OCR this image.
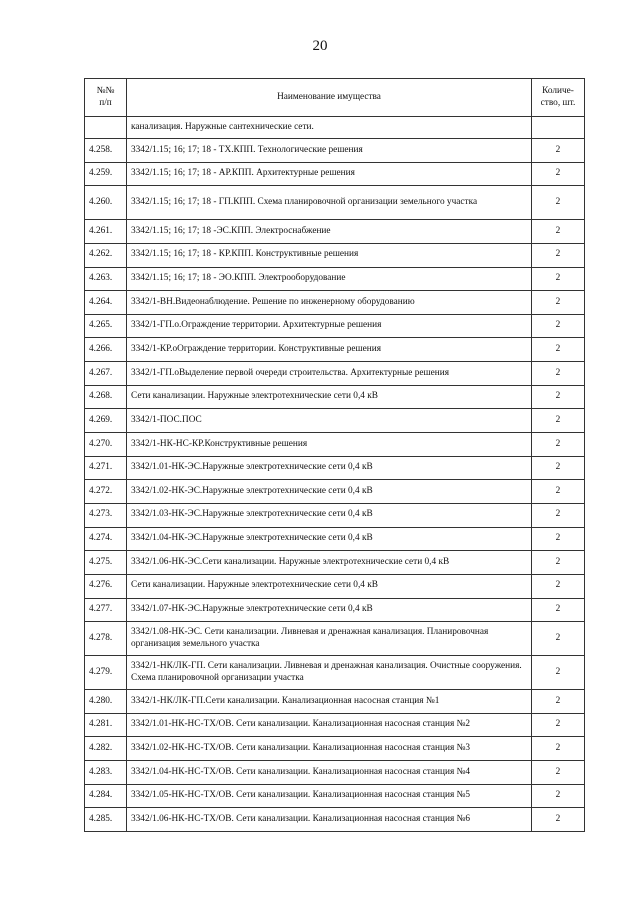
20
№№
п/п	Наименование имущества	Количе-
ство, шт.
	канализация. Наружные сантехнические сети.	
4.258.	3342/1.15; 16; 17; 18 - ТХ.КПП. Технологические решения	2
4.259.	3342/1.15; 16; 17; 18 - АР.КПП. Архитектурные решения	2
4.260.	3342/1.15; 16; 17; 18 - ГП.КПП. Схема планировочной организации земельного участка	2
4.261.	3342/1.15; 16; 17; 18 -ЭС.КПП. Электроснабжение	2
4.262.	3342/1.15; 16; 17; 18 - КР.КПП. Конструктивные решения	2
4.263.	3342/1.15; 16; 17; 18 - ЭО.КПП. Электрооборудование	2
4.264.	3342/1-ВН.Видеонаблюдение. Решение по инженерному оборудованию	2
4.265.	3342/1-ГП.о.Ограждение территории. Архитектурные решения	2
4.266.	3342/1-КР.оОграждение территории. Конструктивные решения	2
4.267.	3342/1-ГП.оВыделение первой очереди строительства. Архитектурные решения	2
4.268.	Сети канализации. Наружные электротехнические сети 0,4 кВ	2
4.269.	3342/1-ПОС.ПОС	2
4.270.	3342/1-НК-НС-КР.Конструктивные решения	2
4.271.	3342/1.01-НК-ЭС.Наружные электротехнические сети 0,4 кВ	2
4.272.	3342/1.02-НК-ЭС.Наружные электротехнические сети 0,4 кВ	2
4.273.	3342/1.03-НК-ЭС.Наружные электротехнические сети 0,4 кВ	2
4.274.	3342/1.04-НК-ЭС.Наружные электротехнические сети 0,4 кВ	2
4.275.	3342/1.06-НК-ЭС.Сети канализации. Наружные электротехнические сети 0,4 кВ	2
4.276.	Сети канализации. Наружные электротехнические сети 0,4 кВ	2
4.277.	3342/1.07-НК-ЭС.Наружные электротехнические сети 0,4 кВ	2
4.278.	3342/1.08-НК-ЭС. Сети канализации. Ливневая и дренажная канализация. Планировочная организация земельного участка	2
4.279.	3342/1-НК/ЛК-ГП. Сети канализации. Ливневая и дренажная канализация. Очистные сооружения. Схема планировочной организации участка	2
4.280.	3342/1-НК/ЛК-ГП.Сети канализации. Канализационная насосная станция №1	2
4.281.	3342/1.01-НК-НС-ТХ/ОВ. Сети канализации. Канализационная насосная станция №2	2
4.282.	3342/1.02-НК-НС-ТХ/ОВ. Сети канализации. Канализационная насосная станция №3	2
4.283.	3342/1.04-НК-НС-ТХ/ОВ. Сети канализации. Канализационная насосная станция №4	2
4.284.	3342/1.05-НК-НС-ТХ/ОВ. Сети канализации. Канализационная насосная станция №5	2
4.285.	3342/1.06-НК-НС-ТХ/ОВ. Сети канализации. Канализационная насосная станция №6	2
